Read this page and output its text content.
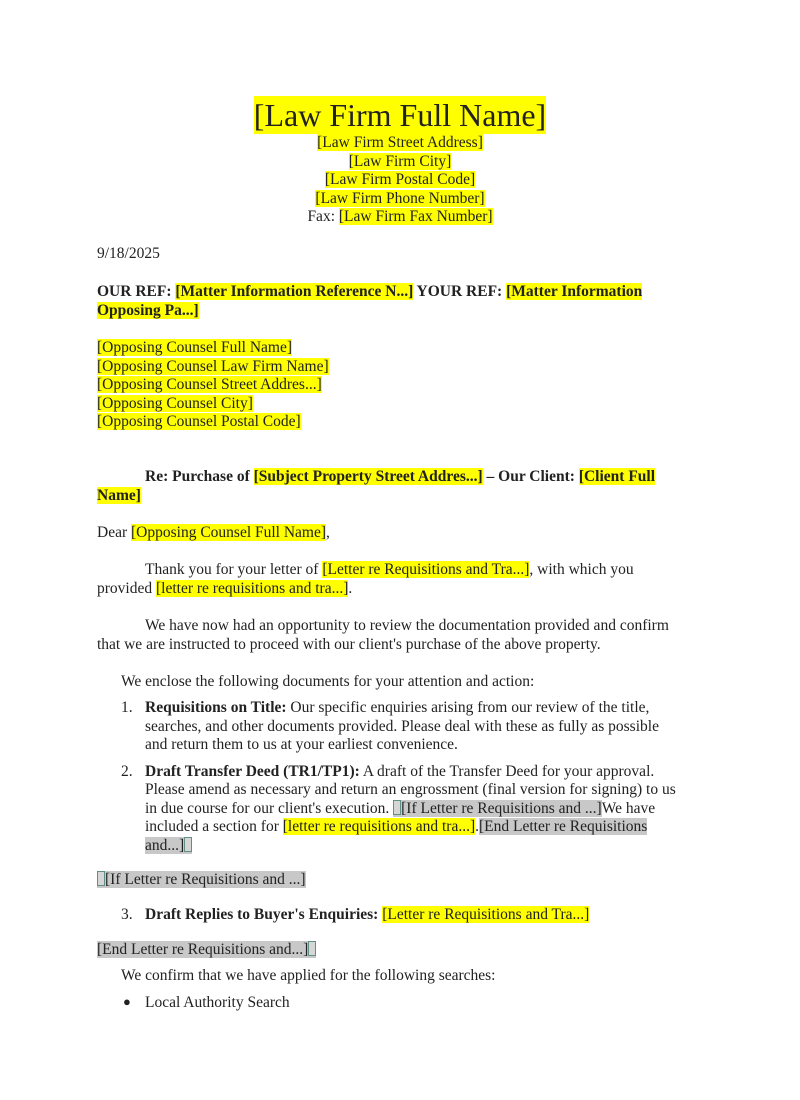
[Law Firm Full Name]
[Law Firm Street Address]
[Law Firm City]
[Law Firm Postal Code]
[Law Firm Phone Number]
Fax: [Law Firm Fax Number]
9/18/2025
OUR REF: [Matter Information Reference N...] YOUR REF: [Matter Information
Opposing Pa...]
[Opposing Counsel Full Name]
[Opposing Counsel Law Firm Name]
[Opposing Counsel Street Addres...]
[Opposing Counsel City]
[Opposing Counsel Postal Code]
Re: Purchase of [Subject Property Street Addres...] – Our Client: [Client Full
Name]
Dear [Opposing Counsel Full Name],
Thank you for your letter of [Letter re Requisitions and Tra...], with which you
provided [letter re requisitions and tra...].
We have now had an opportunity to review the documentation provided and confirm
that we are instructed to proceed with our client's purchase of the above property.
We enclose the following documents for your attention and action:
1. Requisitions on Title: Our specific enquiries arising from our review of the title,
searches, and other documents provided. Please deal with these as fully as possible
and return them to us at your earliest convenience.
2. Draft Transfer Deed (TR1/TP1): A draft of the Transfer Deed for your approval.
Please amend as necessary and return an engrossment (final version for signing) to us
in due course for our client's execution. [If Letter re Requisitions and ...]We have
included a section for [letter re requisitions and tra...].[End Letter re Requisitions
and...]
[If Letter re Requisitions and ...]
3. Draft Replies to Buyer's Enquiries: [Letter re Requisitions and Tra...]
[End Letter re Requisitions and...]
We confirm that we have applied for the following searches:
● Local Authority Search
